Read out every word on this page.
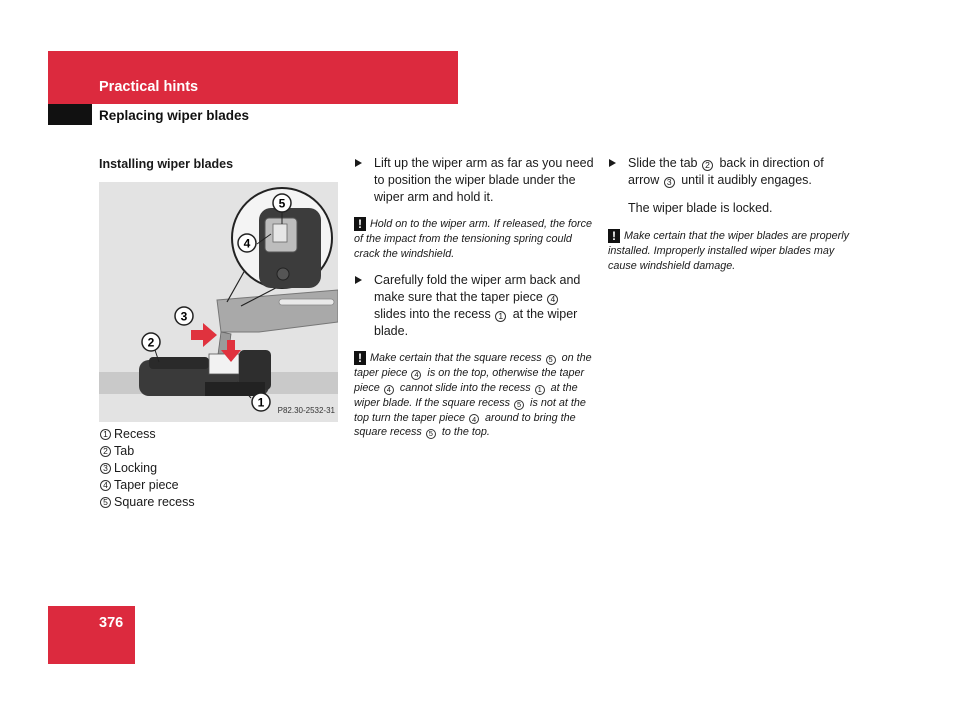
Practical hints
Replacing wiper blades
Installing wiper blades
5
4
3
2
1
P82.30-2532-31
1 Recess
2 Tab
3 Locking
4 Taper piece
5 Square recess
Lift up the wiper arm as far as you need to position the wiper blade under the wiper arm and hold it.
! Hold on to the wiper arm. If released, the force of the impact from the tensioning spring could crack the windshield.
Carefully fold the wiper arm back and make sure that the taper piece 4 slides into the recess 1 at the wiper blade.
! Make certain that the square recess 5 on the taper piece 4 is on the top, otherwise the taper piece 4 cannot slide into the recess 1 at the wiper blade. If the square recess 5 is not at the top turn the taper piece 4 around to bring the square recess 5 to the top.
Slide the tab 2 back in direction of arrow 3 until it audibly engages.
The wiper blade is locked.
! Make certain that the wiper blades are properly installed. Improperly installed wiper blades may cause windshield damage.
376
